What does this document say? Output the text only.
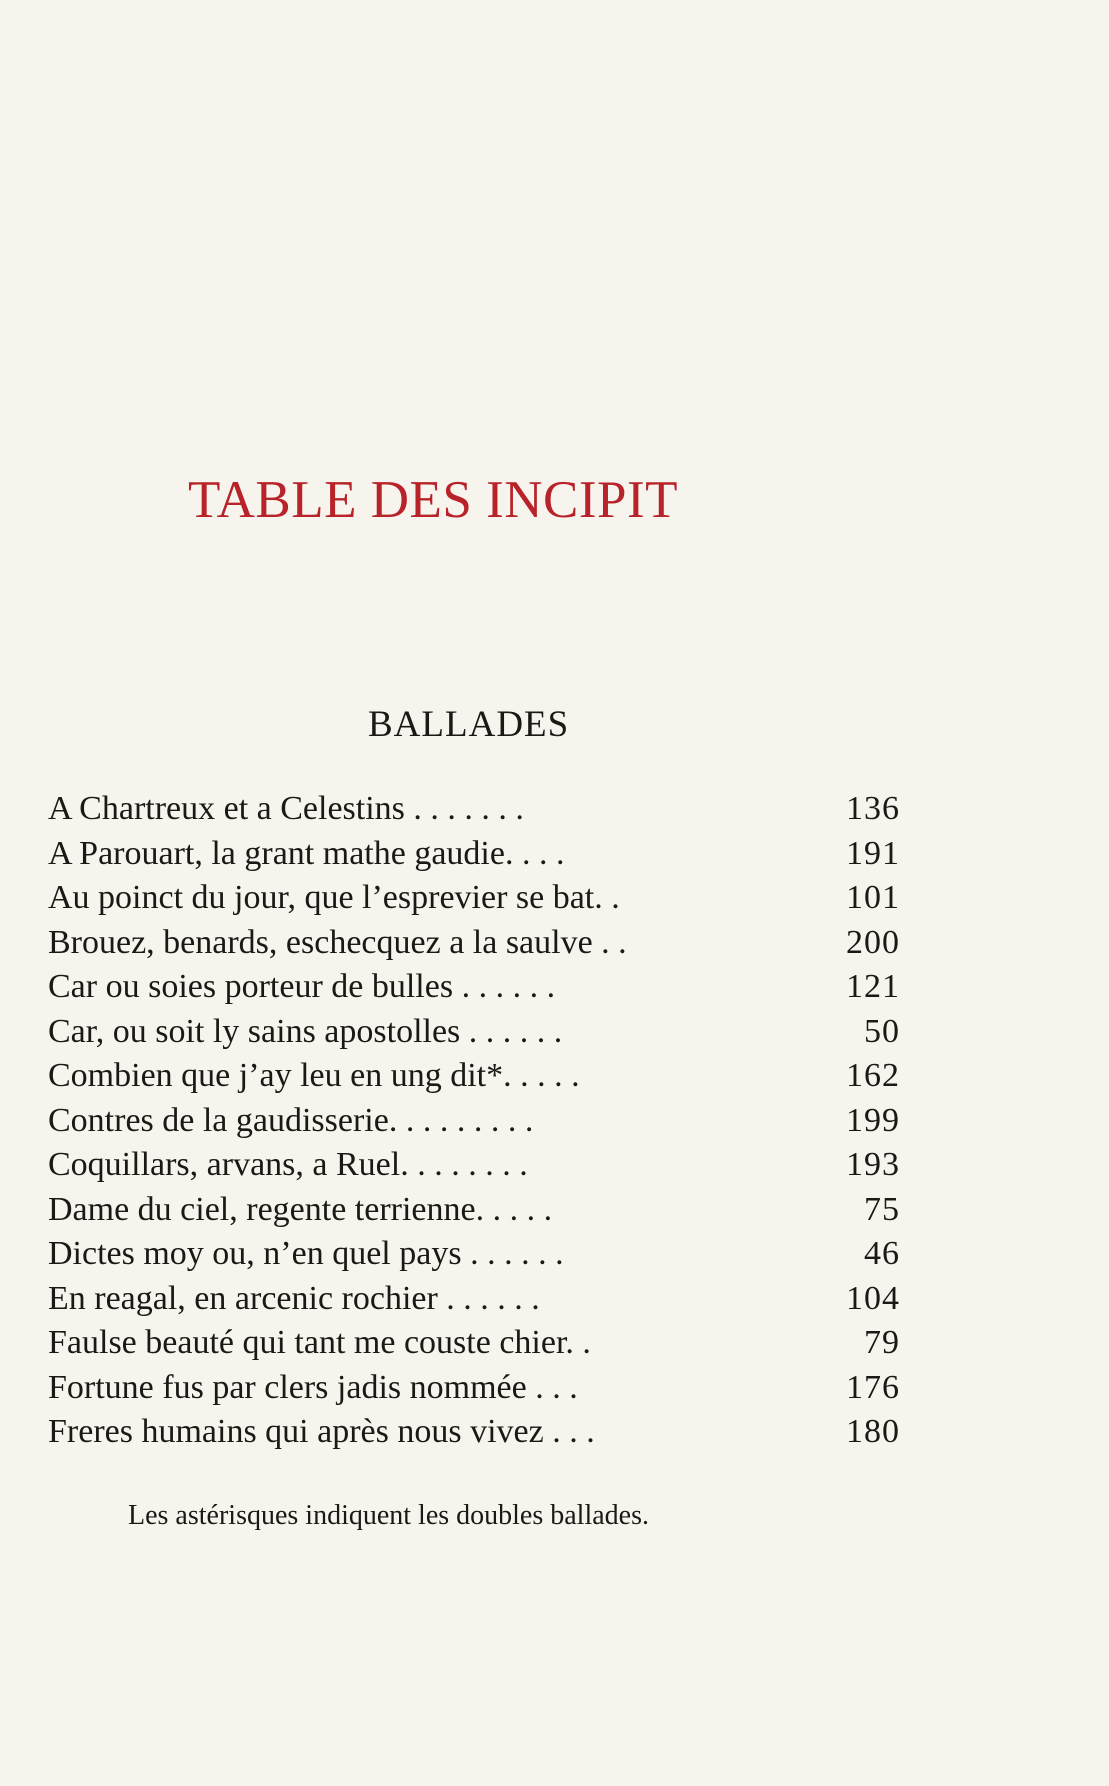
TABLE DES INCIPIT
BALLADES
A Chartreux et a Celestins . . . . . . .	136
A Parouart, la grant mathe gaudie. . . .	191
Au poinct du jour, que l’esprevier se bat. .	101
Brouez, benards, eschecquez a la saulve . .	200
Car ou soies porteur de bulles . . . . . .	121
Car, ou soit ly sains apostolles . . . . . .	50
Combien que j’ay leu en ung dit*. . . . .	162
Contres de la gaudisserie. . . . . . . . .	199
Coquillars, arvans, a Ruel. . . . . . . .	193
Dame du ciel, regente terrienne. . . . .	75
Dictes moy ou, n’en quel pays . . . . . .	46
En reagal, en arcenic rochier . . . . . .	104
Faulse beauté qui tant me couste chier. .	79
Fortune fus par clers jadis nommée . . .	176
Freres humains qui après nous vivez . . .	180

Les astérisques indiquent les doubles ballades.
